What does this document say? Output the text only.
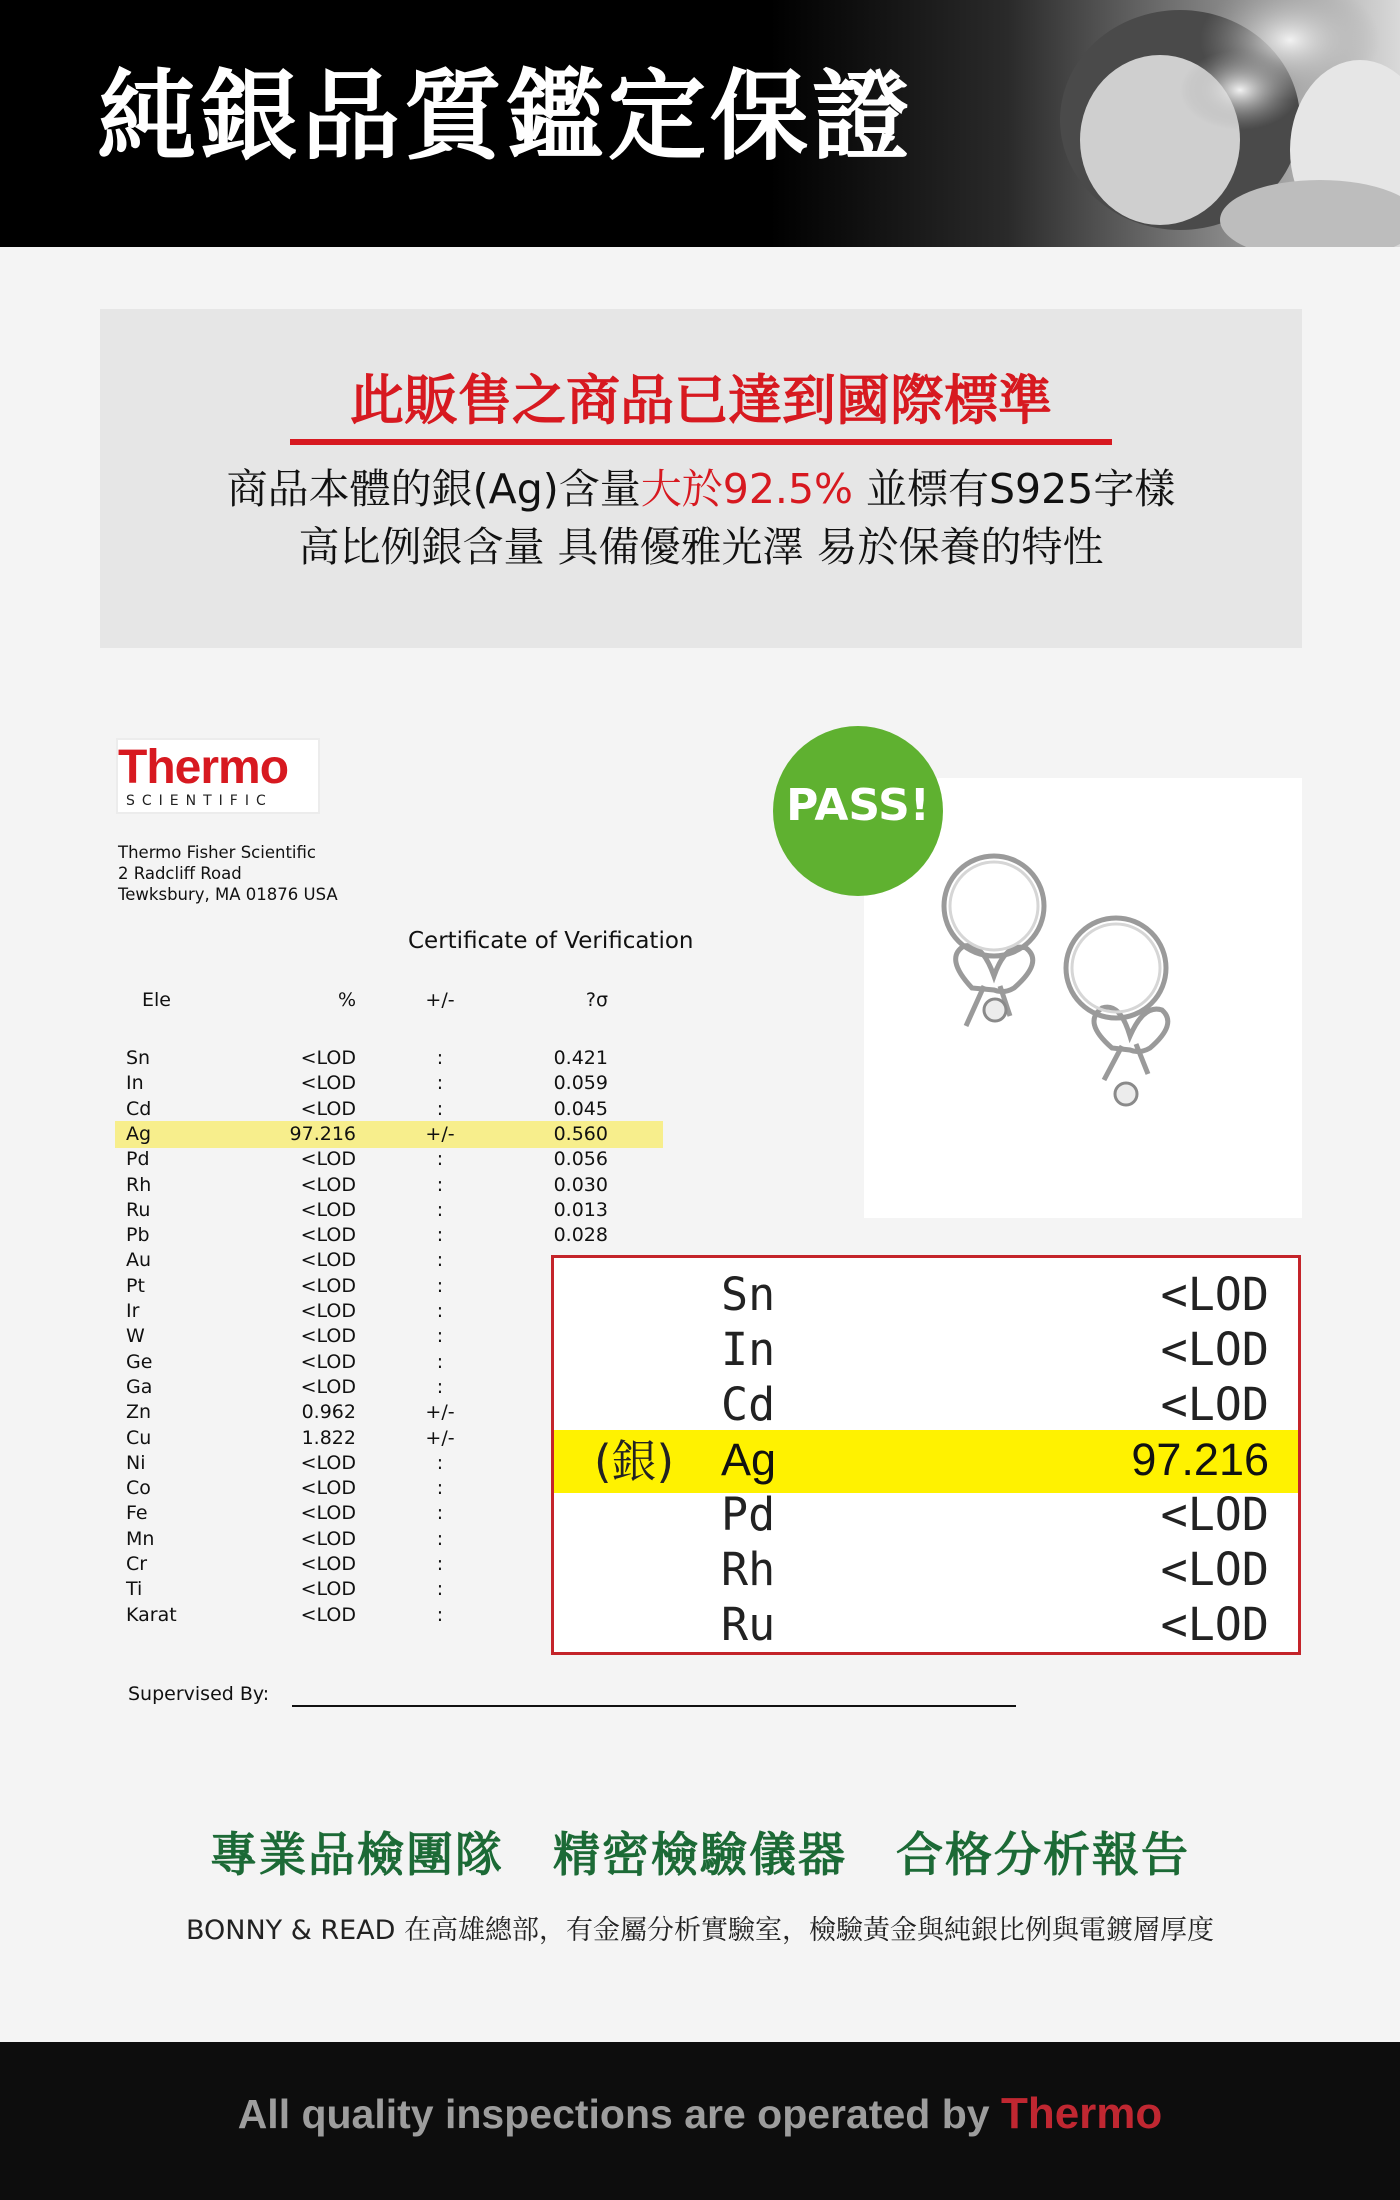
純銀品質鑑定保證
此販售之商品已達到國際標準
商品本體的銀(Ag)含量大於92.5% 並標有S925字樣
高比例銀含量 具備優雅光澤 易於保養的特性
Thermo
SCIENTIFIC
Thermo Fisher Scientific
2 Radcliff Road
Tewksbury, MA 01876 USA
Certificate of Verification
Ele	%	+/-	?σ
Sn	<LOD	:	0.421
In	<LOD	:	0.059
Cd	<LOD	:	0.045
Ag	97.216	+/-	0.560
Pd	<LOD	:	0.056
Rh	<LOD	:	0.030
Ru	<LOD	:	0.013
Pb	<LOD	:	0.028
Au	<LOD	:
Pt	<LOD	:
Ir	<LOD	:
W	<LOD	:
Ge	<LOD	:
Ga	<LOD	:
Zn	0.962	+/-
Cu	1.822	+/-
Ni	<LOD	:
Co	<LOD	:
Fe	<LOD	:
Mn	<LOD	:
Cr	<LOD	:
Ti	<LOD	:
Karat	<LOD	:
Supervised By:
PASS!
(銀)
Sn	<LOD
In	<LOD
Cd	<LOD
Ag	97.216
Pd	<LOD
Rh	<LOD
Ru	<LOD
專業品檢團隊　精密檢驗儀器　合格分析報告
BONNY & READ 在高雄總部，有金屬分析實驗室，檢驗黃金與純銀比例與電鍍層厚度
All quality inspections are operated by Thermo
